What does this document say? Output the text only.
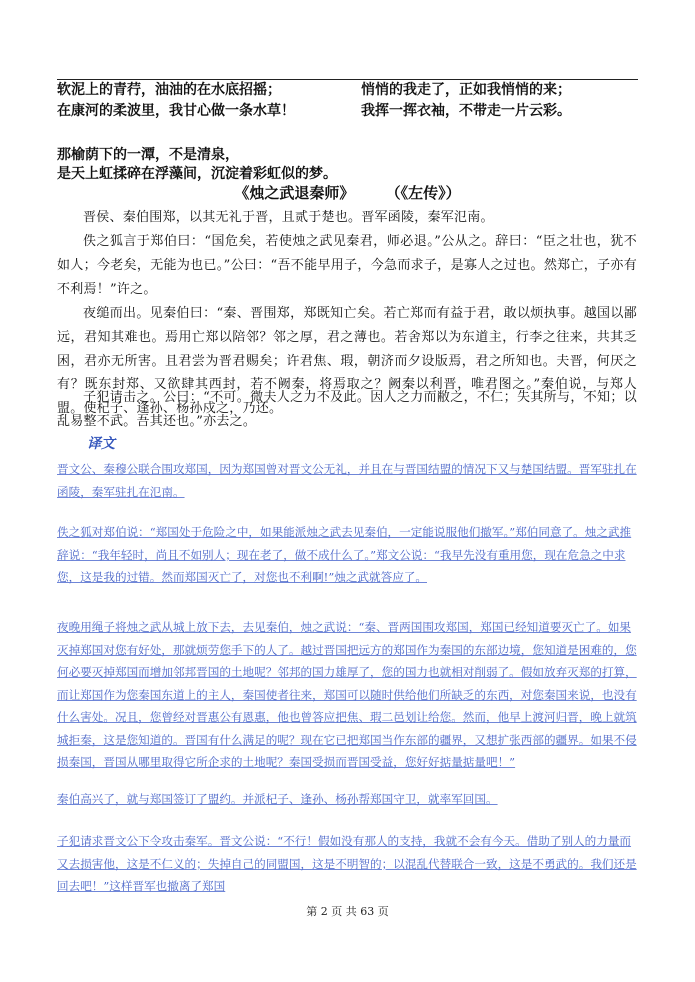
软泥上的青荇，油油的在水底招摇；	悄悄的我走了，正如我悄悄的来；
在康河的柔波里，我甘心做一条水草！	我挥一挥衣袖，不带走一片云彩。
那榆荫下的一潭，不是清泉，
是天上虹揉碎在浮藻间，沉淀着彩虹似的梦。
《烛之武退秦师》      （《左传》）
晋侯、秦伯围郑，以其无礼于晋，且贰于楚也。晋军函陵，秦军氾南。
佚之狐言于郑伯曰：“国危矣，若使烛之武见秦君，师必退。”公从之。辞曰：“臣之壮也，犹不如人；今老矣，无能为也已。”公曰：“吾不能早用子，今急而求子，是寡人之过也。然郑亡，子亦有不利焉！”许之。
夜缒而出。见秦伯曰：“秦、晋围郑，郑既知亡矣。若亡郑而有益于君，敢以烦执事。越国以鄙远，君知其难也。焉用亡郑以陪邻？邻之厚，君之薄也。若舍郑以为东道主，行李之往来，共其乏困，君亦无所害。且君尝为晋君赐矣；许君焦、瑕，朝济而夕设版焉，君之所知也。夫晋，何厌之有？既东封郑、又欲肆其西封，若不阙秦，将焉取之？阙秦以利晋，唯君图之。”秦伯说，与郑人盟。使杞子、逢孙、杨孙戍之，乃还。
子犯请击之。公曰：“不可。微夫人之力不及此。因人之力而敝之，不仁；失其所与，不知；以乱易整不武。吾其还也。”亦去之。
译文
晋文公、秦穆公联合围攻郑国，因为郑国曾对晋文公无礼，并且在与晋国结盟的情况下又与楚国结盟。晋军驻扎在函陵，秦军驻扎在氾南。
佚之狐对郑伯说：“郑国处于危险之中，如果能派烛之武去见秦伯，一定能说服他们撤军。”郑伯同意了。烛之武推辞说：“我年轻时，尚且不如别人；现在老了，做不成什么了。”郑文公说：“我早先没有重用您，现在危急之中求您，这是我的过错。然而郑国灭亡了，对您也不利啊!”烛之武就答应了。
夜晚用绳子将烛之武从城上放下去，去见秦伯，烛之武说：“秦、晋两国围攻郑国，郑国已经知道要灭亡了。如果灭掉郑国对您有好处，那就烦劳您手下的人了。越过晋国把远方的郑国作为秦国的东部边境，您知道是困难的，您何必要灭掉郑国而增加邻邦晋国的土地呢？邻邦的国力雄厚了，您的国力也就相对削弱了。假如放弃灭郑的打算，而让郑国作为您秦国东道上的主人，秦国使者往来，郑国可以随时供给他们所缺乏的东西，对您秦国来说，也没有什么害处。况且，您曾经对晋惠公有恩惠，他也曾答应把焦、瑕二邑划让给您。然而，他早上渡河归晋，晚上就筑城拒秦，这是您知道的。晋国有什么满足的呢？现在它已把郑国当作东部的疆界，又想扩张西部的疆界。如果不侵损秦国，晋国从哪里取得它所企求的土地呢？秦国受损而晋国受益，您好好掂量掂量吧！”
秦伯高兴了，就与郑国签订了盟约。并派杞子、逢孙、杨孙帮郑国守卫，就率军回国。
子犯请求晋文公下令攻击秦军。晋文公说：“不行！假如没有那人的支持，我就不会有今天。借助了别人的力量而又去损害他，这是不仁义的；失掉自己的同盟国，这是不明智的；以混乱代替联合一致，这是不勇武的。我们还是回去吧！”这样晋军也撤离了郑国
第 2 页 共 63 页
